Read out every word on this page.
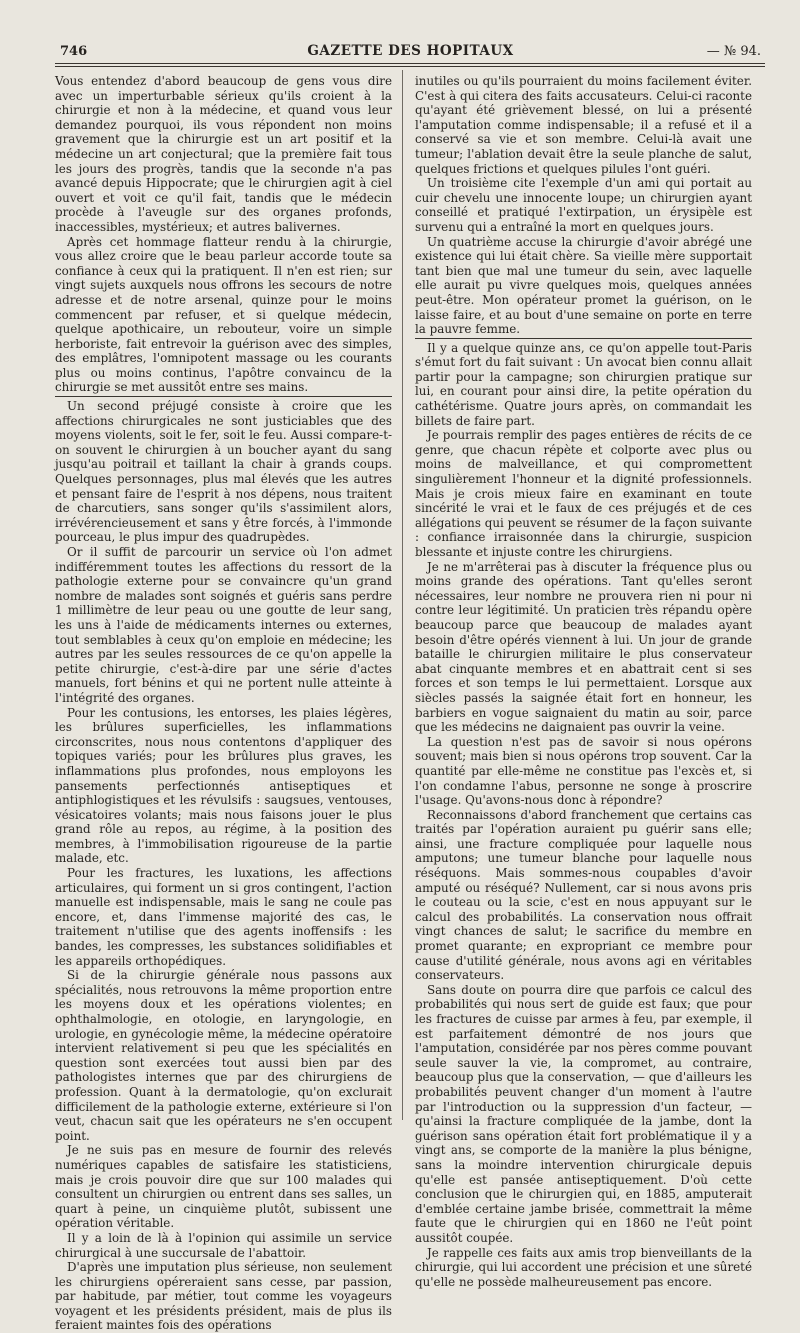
746	GAZETTE DES HOPITAUX	— № 94.

Vous entendez d'abord beaucoup de gens vous dire avec un imperturbable sérieux qu'ils croient à la chirurgie et non à la médecine, et quand vous leur demandez pourquoi, ils vous répondent non moins gravement que la chirurgie est un art positif et la médecine un art conjectural; que la première fait tous les jours des progrès, tandis que la seconde n'a pas avancé depuis Hippocrate; que le chirurgien agit à ciel ouvert et voit ce qu'il fait, tandis que le médecin procède à l'aveugle sur des organes profonds, inaccessibles, mystérieux; et autres balivernes.

Après cet hommage flatteur rendu à la chirurgie, vous allez croire que le beau parleur accorde toute sa confiance à ceux qui la pratiquent. Il n'en est rien; sur vingt sujets auxquels nous offrons les secours de notre adresse et de notre arsenal, quinze pour le moins commencent par refuser, et si quelque médecin, quelque apothicaire, un rebouteur, voire un simple herboriste, fait entrevoir la guérison avec des simples, des emplâtres, l'omnipotent massage ou les courants plus ou moins continus, l'apôtre convaincu de la chirurgie se met aussitôt entre ses mains.

Un second préjugé consiste à croire que les affections chirurgicales ne sont justiciables que des moyens violents, soit le fer, soit le feu. Aussi compare-t-on souvent le chirurgien à un boucher ayant du sang jusqu'au poitrail et taillant la chair à grands coups. Quelques personnages, plus mal élevés que les autres et pensant faire de l'esprit à nos dépens, nous traitent de charcutiers, sans songer qu'ils s'assimilent alors, irrévérencieusement et sans y être forcés, à l'immonde pourceau, le plus impur des quadrupèdes.

Or il suffit de parcourir un service où l'on admet indifféremment toutes les affections du ressort de la pathologie externe pour se convaincre qu'un grand nombre de malades sont soignés et guéris sans perdre 1 millimètre de leur peau ou une goutte de leur sang, les uns à l'aide de médicaments internes ou externes, tout semblables à ceux qu'on emploie en médecine; les autres par les seules ressources de ce qu'on appelle la petite chirurgie, c'est-à-dire par une série d'actes manuels, fort bénins et qui ne portent nulle atteinte à l'intégrité des organes.

Pour les contusions, les entorses, les plaies légères, les brûlures superficielles, les inflammations circonscrites, nous nous contentons d'appliquer des topiques variés; pour les brûlures plus graves, les inflammations plus profondes, nous employons les pansements perfectionnés antiseptiques et antiphlogistiques et les révulsifs : saugsues, ventouses, vésicatoires volants; mais nous faisons jouer le plus grand rôle au repos, au régime, à la position des membres, à l'immobilisation rigoureuse de la partie malade, etc.

Pour les fractures, les luxations, les affections articulaires, qui forment un si gros contingent, l'action manuelle est indispensable, mais le sang ne coule pas encore, et, dans l'immense majorité des cas, le traitement n'utilise que des agents inoffensifs : les bandes, les compresses, les substances solidifiables et les appareils orthopédiques.

Si de la chirurgie générale nous passons aux spécialités, nous retrouvons la même proportion entre les moyens doux et les opérations violentes; en ophthalmologie, en otologie, en laryngologie, en urologie, en gynécologie même, la médecine opératoire intervient relativement si peu que les spécialités en question sont exercées tout aussi bien par des pathologistes internes que par des chirurgiens de profession. Quant à la dermatologie, qu'on exclurait difficilement de la pathologie externe, extérieure si l'on veut, chacun sait que les opérateurs ne s'en occupent point.

Je ne suis pas en mesure de fournir des relevés numériques capables de satisfaire les statisticiens, mais je crois pouvoir dire que sur 100 malades qui consultent un chirurgien ou entrent dans ses salles, un quart à peine, un cinquième plutôt, subissent une opération véritable.

Il y a loin de là à l'opinion qui assimile un service chirurgical à une succursale de l'abattoir.

D'après une imputation plus sérieuse, non seulement les chirurgiens opéreraient sans cesse, par passion, par habitude, par métier, tout comme les voyageurs voyagent et les présidents président, mais de plus ils feraient maintes fois des opérations

inutiles ou qu'ils pourraient du moins facilement éviter. C'est à qui citera des faits accusateurs. Celui-ci raconte qu'ayant été grièvement blessé, on lui a présenté l'amputation comme indispensable; il a refusé et il a conservé sa vie et son membre. Celui-là avait une tumeur; l'ablation devait être la seule planche de salut, quelques frictions et quelques pilules l'ont guéri.

Un troisième cite l'exemple d'un ami qui portait au cuir chevelu une innocente loupe; un chirurgien ayant conseillé et pratiqué l'extirpation, un érysipèle est survenu qui a entraîné la mort en quelques jours.

Un quatrième accuse la chirurgie d'avoir abrégé une existence qui lui était chère. Sa vieille mère supportait tant bien que mal une tumeur du sein, avec laquelle elle aurait pu vivre quelques mois, quelques années peut-être. Mon opérateur promet la guérison, on le laisse faire, et au bout d'une semaine on porte en terre la pauvre femme.

Il y a quelque quinze ans, ce qu'on appelle tout-Paris s'émut fort du fait suivant : Un avocat bien connu allait partir pour la campagne; son chirurgien pratique sur lui, en courant pour ainsi dire, la petite opération du cathétérisme. Quatre jours après, on commandait les billets de faire part.

Je pourrais remplir des pages entières de récits de ce genre, que chacun répète et colporte avec plus ou moins de malveillance, et qui compromettent singulièrement l'honneur et la dignité professionnels. Mais je crois mieux faire en examinant en toute sincérité le vrai et le faux de ces préjugés et de ces allégations qui peuvent se résumer de la façon suivante : confiance irraisonnée dans la chirurgie, suspicion blessante et injuste contre les chirurgiens.

Je ne m'arrêterai pas à discuter la fréquence plus ou moins grande des opérations. Tant qu'elles seront nécessaires, leur nombre ne prouvera rien ni pour ni contre leur légitimité. Un praticien très répandu opère beaucoup parce que beaucoup de malades ayant besoin d'être opérés viennent à lui. Un jour de grande bataille le chirurgien militaire le plus conservateur abat cinquante membres et en abattrait cent si ses forces et son temps le lui permettaient. Lorsque aux siècles passés la saignée était fort en honneur, les barbiers en vogue saignaient du matin au soir, parce que les médecins ne daignaient pas ouvrir la veine.

La question n'est pas de savoir si nous opérons souvent; mais bien si nous opérons trop souvent. Car la quantité par elle-même ne constitue pas l'excès et, si l'on condamne l'abus, personne ne songe à proscrire l'usage. Qu'avons-nous donc à répondre?

Reconnaissons d'abord franchement que certains cas traités par l'opération auraient pu guérir sans elle; ainsi, une fracture compliquée pour laquelle nous amputons; une tumeur blanche pour laquelle nous réséquons. Mais sommes-nous coupables d'avoir amputé ou réséqué? Nullement, car si nous avons pris le couteau ou la scie, c'est en nous appuyant sur le calcul des probabilités. La conservation nous offrait vingt chances de salut; le sacrifice du membre en promet quarante; en expropriant ce membre pour cause d'utilité générale, nous avons agi en véritables conservateurs.

Sans doute on pourra dire que parfois ce calcul des probabilités qui nous sert de guide est faux; que pour les fractures de cuisse par armes à feu, par exemple, il est parfaitement démontré de nos jours que l'amputation, considérée par nos pères comme pouvant seule sauver la vie, la compromet, au contraire, beaucoup plus que la conservation, — que d'ailleurs les probabilités peuvent changer d'un moment à l'autre par l'introduction ou la suppression d'un facteur, — qu'ainsi la fracture compliquée de la jambe, dont la guérison sans opération était fort problématique il y a vingt ans, se comporte de la manière la plus bénigne, sans la moindre intervention chirurgicale depuis qu'elle est pansée antiseptiquement. D'où cette conclusion que le chirurgien qui, en 1885, amputerait d'emblée certaine jambe brisée, commettrait la même faute que le chirurgien qui en 1860 ne l'eût point aussitôt coupée.

Je rappelle ces faits aux amis trop bienveillants de la chirurgie, qui lui accordent une précision et une sûreté qu'elle ne possède malheureusement pas encore.
